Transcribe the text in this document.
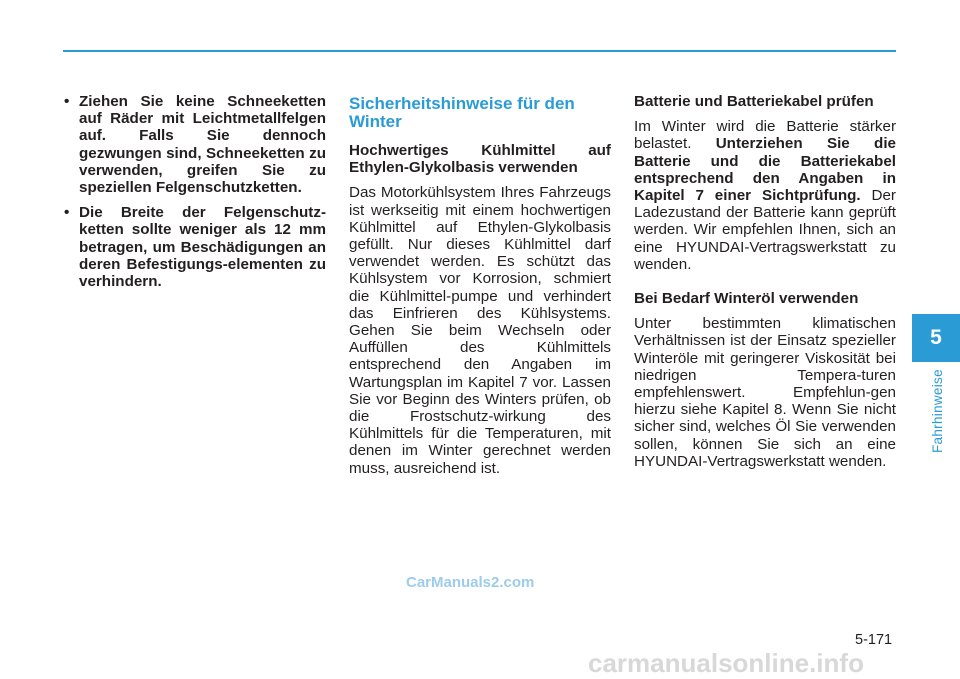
• Ziehen Sie keine Schneeketten auf Räder mit Leichtmetallfelgen auf. Falls Sie dennoch gezwungen sind, Schneeketten zu verwenden, greifen Sie zu speziellen Felgenschutzketten.
• Die Breite der Felgenschutz-ketten sollte weniger als 12 mm betragen, um Beschädigungen an deren Befestigungs-elementen zu verhindern.
Sicherheitshinweise für den Winter
Hochwertiges Kühlmittel auf Ethylen-Glykolbasis verwenden

Das Motorkühlsystem Ihres Fahrzeugs ist werkseitig mit einem hochwertigen Kühlmittel auf Ethylen-Glykolbasis gefüllt. Nur dieses Kühlmittel darf verwendet werden. Es schützt das Kühlsystem vor Korrosion, schmiert die Kühlmittel-pumpe und verhindert das Einfrieren des Kühlsystems. Gehen Sie beim Wechseln oder Auffüllen des Kühlmittels entsprechend den Angaben im Wartungsplan im Kapitel 7 vor. Lassen Sie vor Beginn des Winters prüfen, ob die Frostschutz-wirkung des Kühlmittels für die Temperaturen, mit denen im Winter gerechnet werden muss, ausreichend ist.

Batterie und Batteriekabel prüfen

Im Winter wird die Batterie stärker belastet. Unterziehen Sie die Batterie und die Batteriekabel entsprechend den Angaben in Kapitel 7 einer Sichtprüfung. Der Ladezustand der Batterie kann geprüft werden. Wir empfehlen Ihnen, sich an eine HYUNDAI-Vertragswerkstatt zu wenden.

Bei Bedarf Winteröl verwenden

Unter bestimmten klimatischen Verhältnissen ist der Einsatz spezieller Winteröle mit geringerer Viskosität bei niedrigen Tempera-turen empfehlenswert. Empfehlun-gen hierzu siehe Kapitel 8. Wenn Sie nicht sicher sind, welches Öl Sie verwenden sollen, können Sie sich an eine HYUNDAI-Vertragswerkstatt wenden.

5
Fahrhinweise
CarManuals2.com
5-171
carmanualsonline.info
